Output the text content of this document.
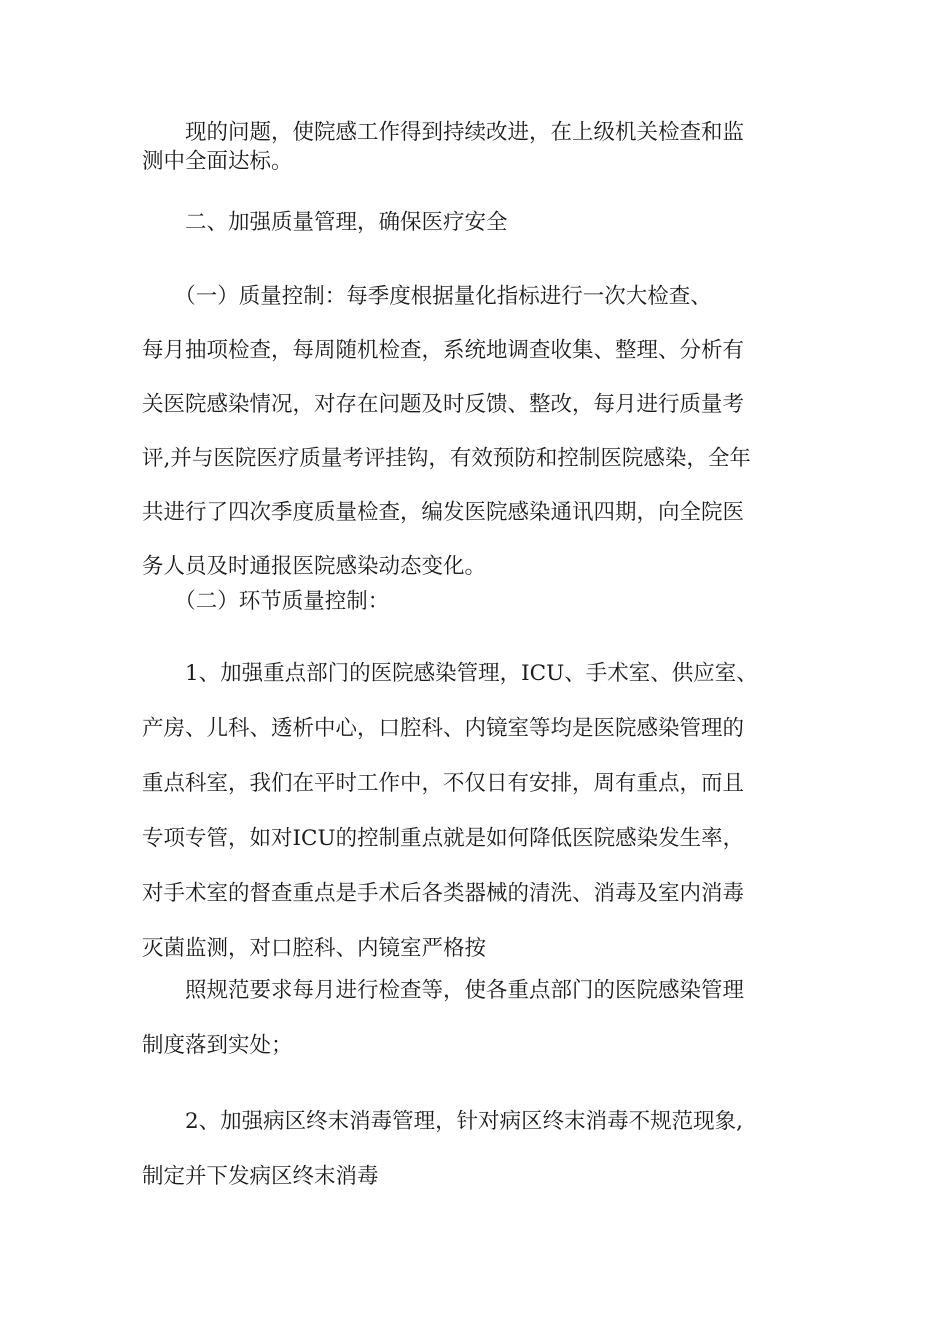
　　现的问题，使院感工作得到持续改进，在上级机关检查和监
测中全面达标。
　　二、加强质量管理，确保医疗安全
　　（一）质量控制：每季度根据量化指标进行一次大检查、
每月抽项检查，每周随机检查，系统地调查收集、整理、分析有
关医院感染情况，对存在问题及时反馈、整改，每月进行质量考
评,并与医院医疗质量考评挂钩，有效预防和控制医院感染，全年
共进行了四次季度质量检查，编发医院感染通讯四期，向全院医
务人员及时通报医院感染动态变化。
　　（二）环节质量控制：
　　1、加强重点部门的医院感染管理，ICU、手术室、供应室、
产房、儿科、透析中心，口腔科、内镜室等均是医院感染管理的
重点科室，我们在平时工作中，不仅日有安排，周有重点，而且
专项专管，如对ICU的控制重点就是如何降低医院感染发生率，
对手术室的督查重点是手术后各类器械的清洗、消毒及室内消毒
灭菌监测，对口腔科、内镜室严格按
　　照规范要求每月进行检查等，使各重点部门的医院感染管理
制度落到实处；
　　2、加强病区终末消毒管理，针对病区终末消毒不规范现象,
制定并下发病区终末消毒
